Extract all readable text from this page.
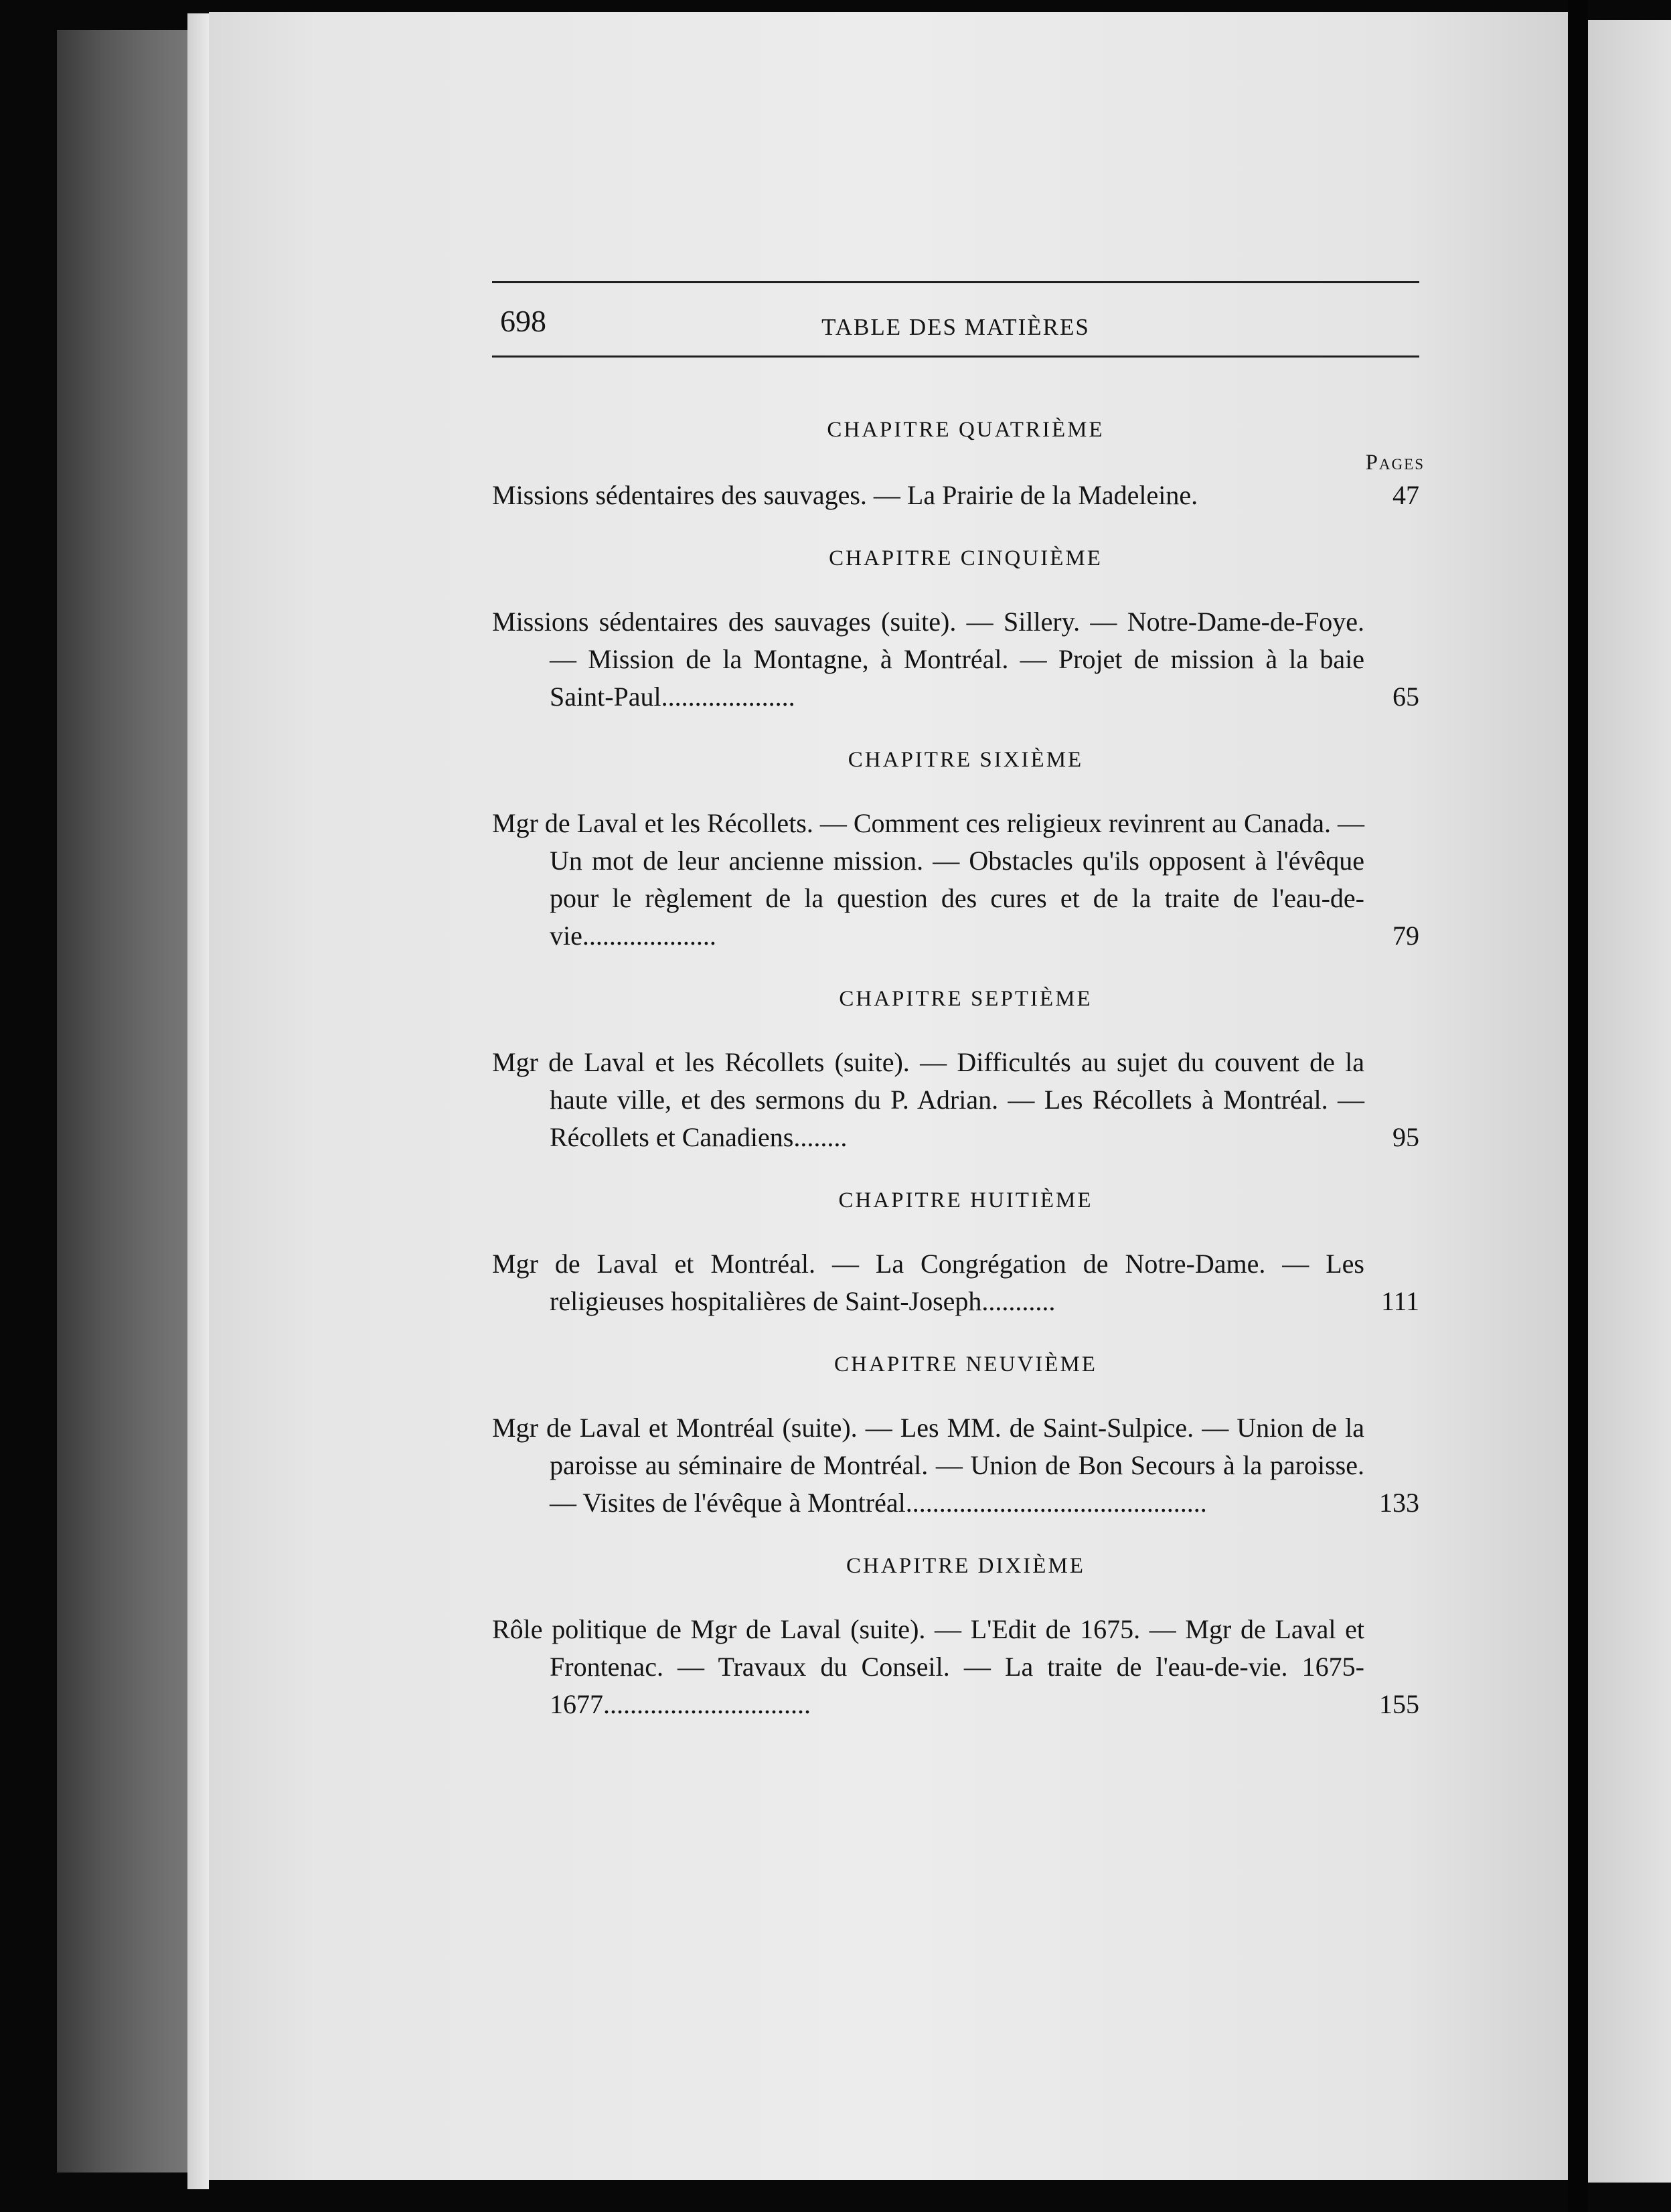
698	TABLE DES MATIÈRES
CHAPITRE QUATRIÈME
Pages
Missions sédentaires des sauvages. — La Prairie de la Madeleine.	47
CHAPITRE CINQUIÈME
Missions sédentaires des sauvages (suite). — Sillery. — Notre-Dame-de-Foye. — Mission de la Montagne, à Montréal. — Projet de mission à la baie Saint-Paul....................	65
CHAPITRE SIXIÈME
Mgr de Laval et les Récollets. — Comment ces religieux revinrent au Canada. — Un mot de leur ancienne mission. — Obstacles qu'ils opposent à l'évêque pour le règlement de la question des cures et de la traite de l'eau-de-vie....................	79
CHAPITRE SEPTIÈME
Mgr de Laval et les Récollets (suite). — Difficultés au sujet du couvent de la haute ville, et des sermons du P. Adrian. — Les Récollets à Montréal. — Récollets et Canadiens........	95
CHAPITRE HUITIÈME
Mgr de Laval et Montréal. — La Congrégation de Notre-Dame. — Les religieuses hospitalières de Saint-Joseph...........	111
CHAPITRE NEUVIÈME
Mgr de Laval et Montréal (suite). — Les MM. de Saint-Sulpice. — Union de la paroisse au séminaire de Montréal. — Union de Bon Secours à la paroisse. — Visites de l'évêque à Montréal.............................................	133
CHAPITRE DIXIÈME
Rôle politique de Mgr de Laval (suite). — L'Edit de 1675. — Mgr de Laval et Frontenac. — Travaux du Conseil. — La traite de l'eau-de-vie. 1675-1677...............................	155
